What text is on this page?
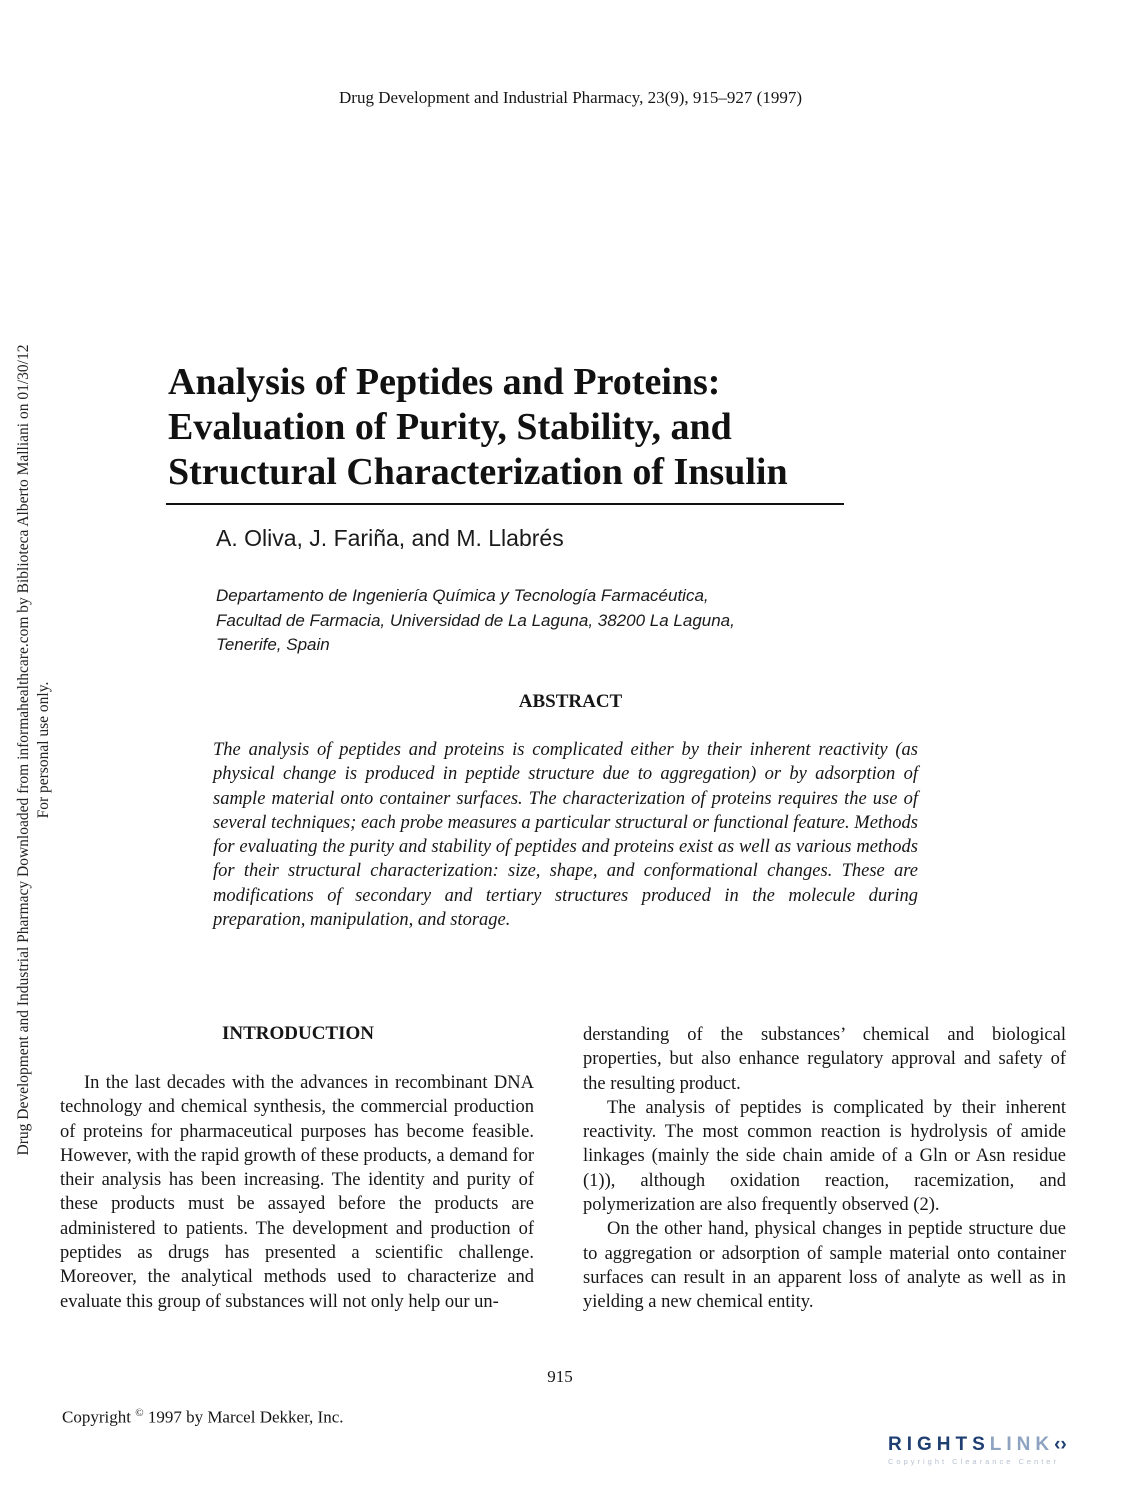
Drug Development and Industrial Pharmacy, 23(9), 915–927 (1997)
Drug Development and Industrial Pharmacy Downloaded from informahealthcare.com by Biblioteca Alberto Malliani on 01/30/12 For personal use only.
Analysis of Peptides and Proteins:
Evaluation of Purity, Stability, and
Structural Characterization of Insulin
A. Oliva, J. Fariña, and M. Llabrés
Departamento de Ingeniería Química y Tecnología Farmacéutica,
Facultad de Farmacia, Universidad de La Laguna, 38200 La Laguna,
Tenerife, Spain
ABSTRACT
The analysis of peptides and proteins is complicated either by their inherent reactivity (as physical change is produced in peptide structure due to aggregation) or by adsorption of sample material onto container surfaces. The characterization of proteins requires the use of several techniques; each probe measures a particular structural or functional feature. Methods for evaluating the purity and stability of peptides and proteins exist as well as various methods for their structural characterization: size, shape, and conformational changes. These are modifications of secondary and tertiary structures produced in the molecule during preparation, manipulation, and storage.
INTRODUCTION

In the last decades with the advances in recombinant DNA technology and chemical synthesis, the commercial production of proteins for pharmaceutical purposes has become feasible. However, with the rapid growth of these products, a demand for their analysis has been increasing. The identity and purity of these products must be assayed before the products are administered to patients. The development and production of peptides as drugs has presented a scientific challenge. Moreover, the analytical methods used to characterize and evaluate this group of substances will not only help our un-

derstanding of the substances’ chemical and biological properties, but also enhance regulatory approval and safety of the resulting product.

The analysis of peptides is complicated by their inherent reactivity. The most common reaction is hydrolysis of amide linkages (mainly the side chain amide of a Gln or Asn residue (1)), although oxidation reaction, racemization, and polymerization are also frequently observed (2).

On the other hand, physical changes in peptide structure due to aggregation or adsorption of sample material onto container surfaces can result in an apparent loss of analyte as well as in yielding a new chemical entity.

915
Copyright © 1997 by Marcel Dekker, Inc.
RIGHTSLINK‹›
Copyright Clearance Center
